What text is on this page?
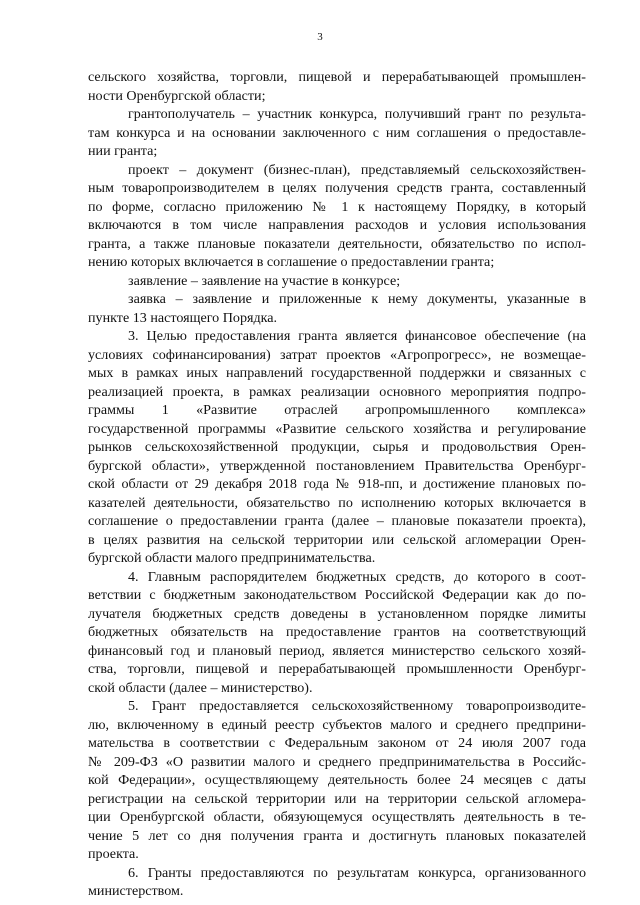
3
сельского хозяйства, торговли, пищевой и перерабатывающей промышлен-
ности Оренбургской области;
грантополучатель – участник конкурса, получивший грант по результа-
там конкурса и на основании заключенного с ним соглашения о предоставле-
нии гранта;
проект – документ (бизнес-план), представляемый сельскохозяйствен-
ным товаропроизводителем в целях получения средств гранта, составленный
по форме, согласно приложению № 1 к настоящему Порядку, в который
включаются в том числе направления расходов и условия использования
гранта, а также плановые показатели деятельности, обязательство по испол-
нению которых включается в соглашение о предоставлении гранта;
заявление – заявление на участие в конкурсе;
заявка – заявление и приложенные к нему документы, указанные в
пункте 13 настоящего Порядка.
3. Целью предоставления гранта является финансовое обеспечение (на
условиях софинансирования) затрат проектов «Агропрогресс», не возмещае-
мых в рамках иных направлений государственной поддержки и связанных с
реализацией проекта, в рамках реализации основного мероприятия подпро-
граммы 1 «Развитие отраслей агропромышленного комплекса»
государственной программы «Развитие сельского хозяйства и регулирование
рынков сельскохозяйственной продукции, сырья и продовольствия Орен-
бургской области», утвержденной постановлением Правительства Оренбург-
ской области от 29 декабря 2018 года № 918-пп, и достижение плановых по-
казателей деятельности, обязательство по исполнению которых включается в
соглашение о предоставлении гранта (далее – плановые показатели проекта),
в целях развития на сельской территории или сельской агломерации Орен-
бургской области малого предпринимательства.
4. Главным распорядителем бюджетных средств, до которого в соот-
ветствии с бюджетным законодательством Российской Федерации как до по-
лучателя бюджетных средств доведены в установленном порядке лимиты
бюджетных обязательств на предоставление грантов на соответствующий
финансовый год и плановый период, является министерство сельского хозяй-
ства, торговли, пищевой и перерабатывающей промышленности Оренбург-
ской области (далее – министерство).
5. Грант предоставляется сельскохозяйственному товаропроизводите-
лю, включенному в единый реестр субъектов малого и среднего предприни-
мательства в соответствии с Федеральным законом от 24 июля 2007 года
№ 209-ФЗ «О развитии малого и среднего предпринимательства в Российс-
кой Федерации», осуществляющему деятельность более 24 месяцев с даты
регистрации на сельской территории или на территории сельской агломера-
ции Оренбургской области, обязующемуся осуществлять деятельность в те-
чение 5 лет со дня получения гранта и достигнуть плановых показателей
проекта.
6. Гранты предоставляются по результатам конкурса, организованного
министерством.
